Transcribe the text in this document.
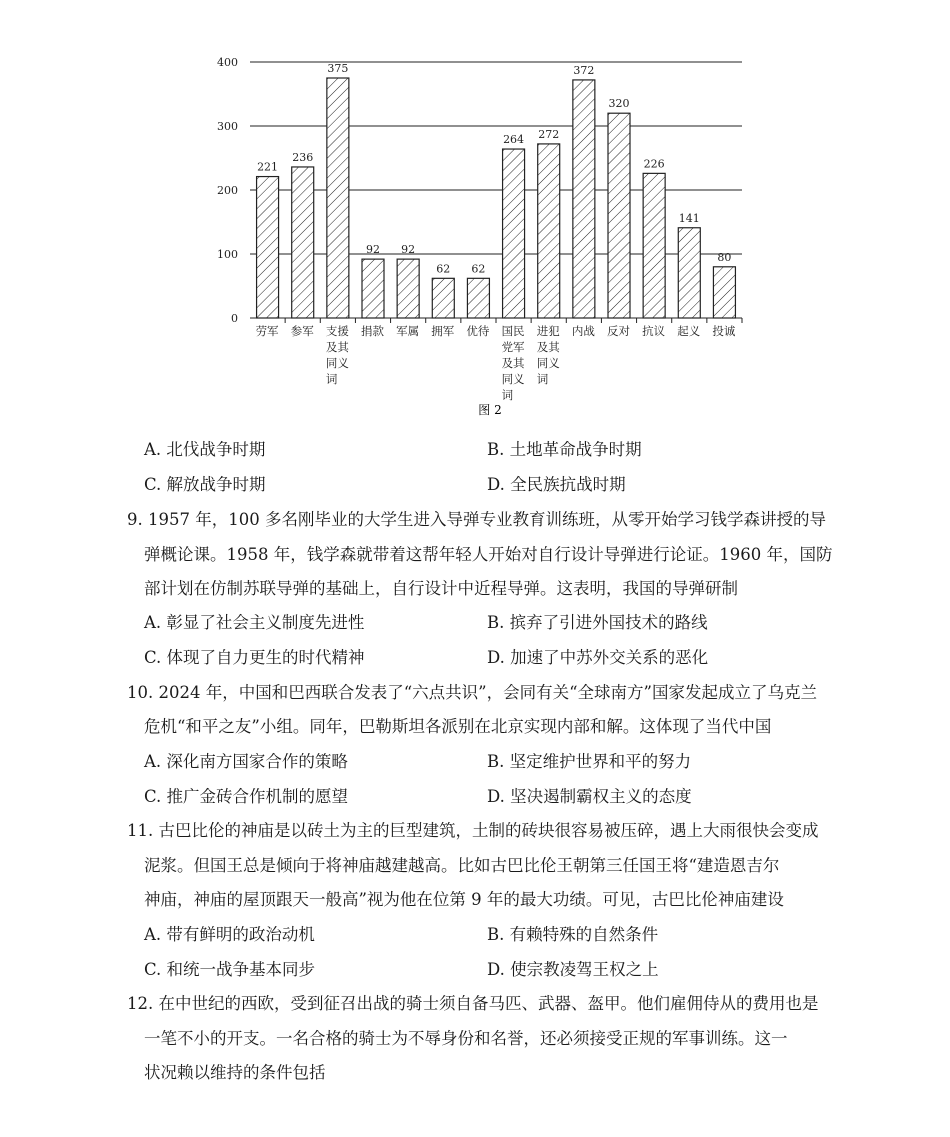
0
100
200
300
400
221
劳军
236
参军
375
支援及其同义词
92
捐款
92
军属
62
拥军
62
优待
264
国民党军及其同义词
272
进犯及其同义词
372
内战
320
反对
226
抗议
141
起义
80
投诚
图 2
A. 北伐战争时期	B. 土地革命战争时期
C. 解放战争时期	D. 全民族抗战时期
9. 1957 年，100 多名刚毕业的大学生进入导弹专业教育训练班，从零开始学习钱学森讲授的导
弹概论课。1958 年，钱学森就带着这帮年轻人开始对自行设计导弹进行论证。1960 年，国防
部计划在仿制苏联导弹的基础上，自行设计中近程导弹。这表明，我国的导弹研制
A. 彰显了社会主义制度先进性	B. 摈弃了引进外国技术的路线
C. 体现了自力更生的时代精神	D. 加速了中苏外交关系的恶化
10. 2024 年，中国和巴西联合发表了“六点共识”，会同有关“全球南方”国家发起成立了乌克兰
危机“和平之友”小组。同年，巴勒斯坦各派别在北京实现内部和解。这体现了当代中国
A. 深化南方国家合作的策略	B. 坚定维护世界和平的努力
C. 推广金砖合作机制的愿望	D. 坚决遏制霸权主义的态度
11. 古巴比伦的神庙是以砖土为主的巨型建筑，土制的砖块很容易被压碎，遇上大雨很快会变成
泥浆。但国王总是倾向于将神庙越建越高。比如古巴比伦王朝第三任国王将“建造恩吉尔
神庙，神庙的屋顶跟天一般高”视为他在位第 9 年的最大功绩。可见，古巴比伦神庙建设
A. 带有鲜明的政治动机	B. 有赖特殊的自然条件
C. 和统一战争基本同步	D. 使宗教凌驾王权之上
12. 在中世纪的西欧，受到征召出战的骑士须自备马匹、武器、盔甲。他们雇佣侍从的费用也是
一笔不小的开支。一名合格的骑士为不辱身份和名誉，还必须接受正规的军事训练。这一
状况赖以维持的条件包括
